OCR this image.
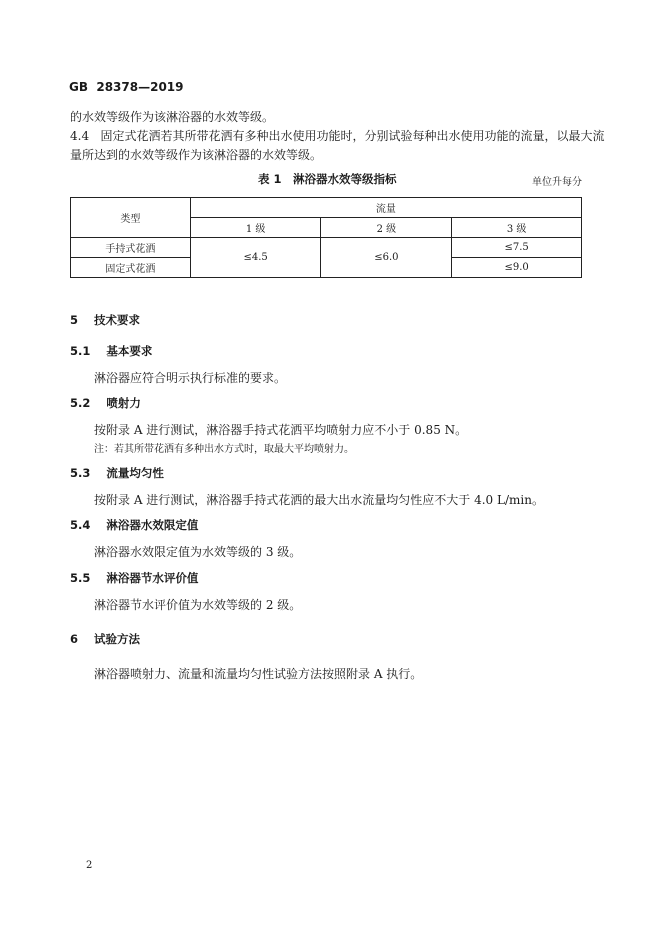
GB 28378—2019
的水效等级作为该淋浴器的水效等级。
4.4 固定式花洒若其所带花洒有多种出水使用功能时，分别试验每种出水使用功能的流量，以最大流
量所达到的水效等级作为该淋浴器的水效等级。
表 1　淋浴器水效等级指标	单位升每分
类型	流量		
	1 级	2 级	3 级
手持式花洒	≤4.5	≤6.0	≤7.5
固定式花洒			≤9.0
5 技术要求
5.1 基本要求
淋浴器应符合明示执行标准的要求。
5.2 喷射力
按附录 A 进行测试，淋浴器手持式花洒平均喷射力应不小于 0.85 N。
注：若其所带花洒有多种出水方式时，取最大平均喷射力。
5.3 流量均匀性
按附录 A 进行测试，淋浴器手持式花洒的最大出水流量均匀性应不大于 4.0 L/min。
5.4 淋浴器水效限定值
淋浴器水效限定值为水效等级的 3 级。
5.5 淋浴器节水评价值
淋浴器节水评价值为水效等级的 2 级。
6 试验方法
淋浴器喷射力、流量和流量均匀性试验方法按照附录 A 执行。
2
